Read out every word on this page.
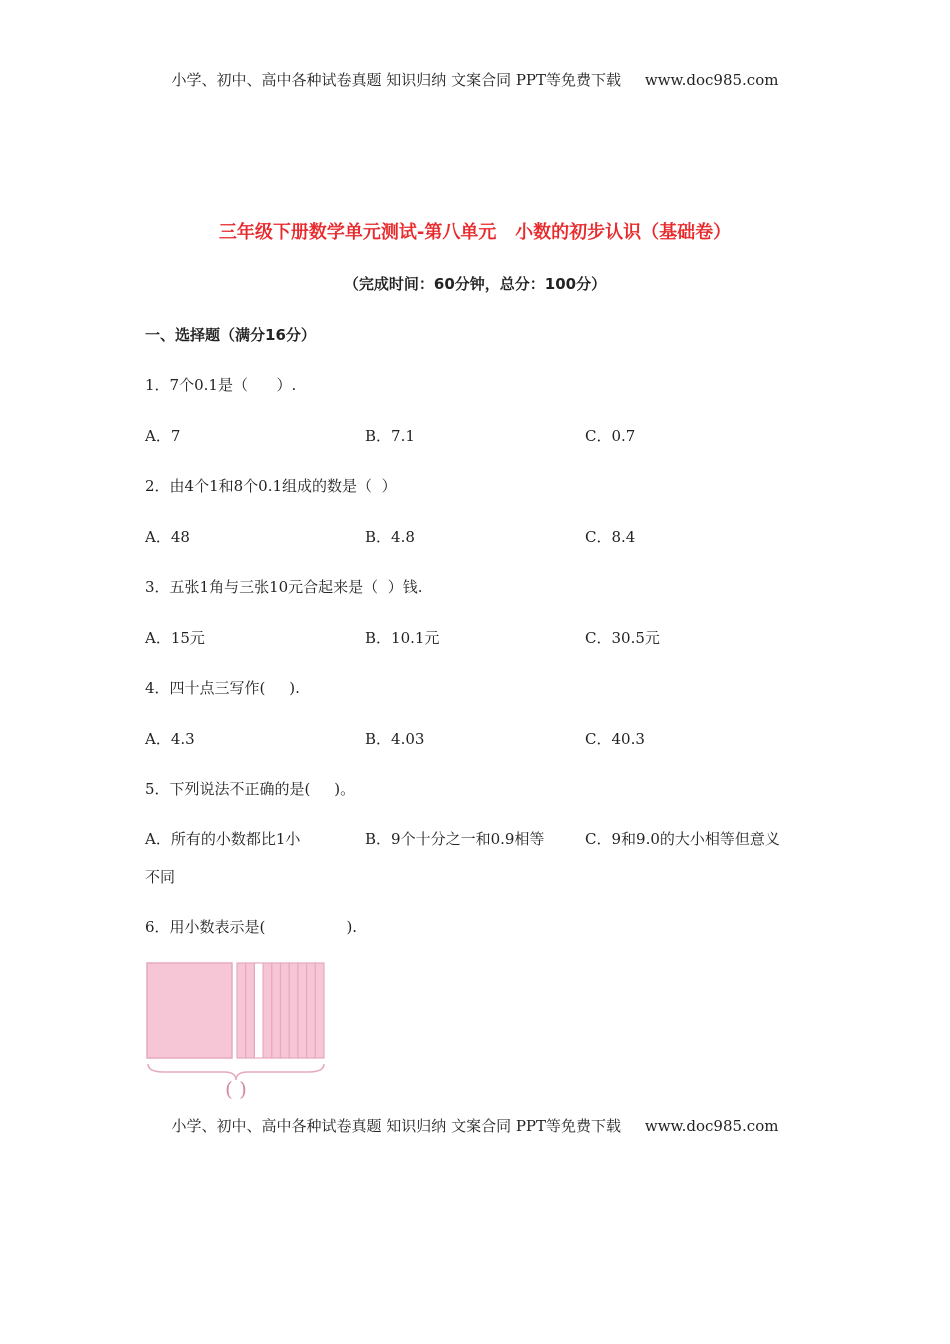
小学、初中、高中各种试卷真题 知识归纳 文案合同 PPT等免费下载     www.doc985.com
三年级下册数学单元测试-第八单元   小数的初步认识（基础卷）
（完成时间：60分钟，总分：100分）
一、选择题（满分16分）
1．7个0.1是（      ）.
A．7	B．7.1	C．0.7
2．由4个1和8个0.1组成的数是（  ）
A．48	B．4.8	C．8.4
3．五张1角与三张10元合起来是（  ）钱.
A．15元	B．10.1元	C．30.5元
4．四十点三写作(     ).
A．4.3	B．4.03	C．40.3
5．下列说法不正确的是(     )。
A．所有的小数都比1小	B．9个十分之一和0.9相等	C．9和9.0的大小相等但意义
不同
6．用小数表示是(                 ).
( )
小学、初中、高中各种试卷真题 知识归纳 文案合同 PPT等免费下载     www.doc985.com
